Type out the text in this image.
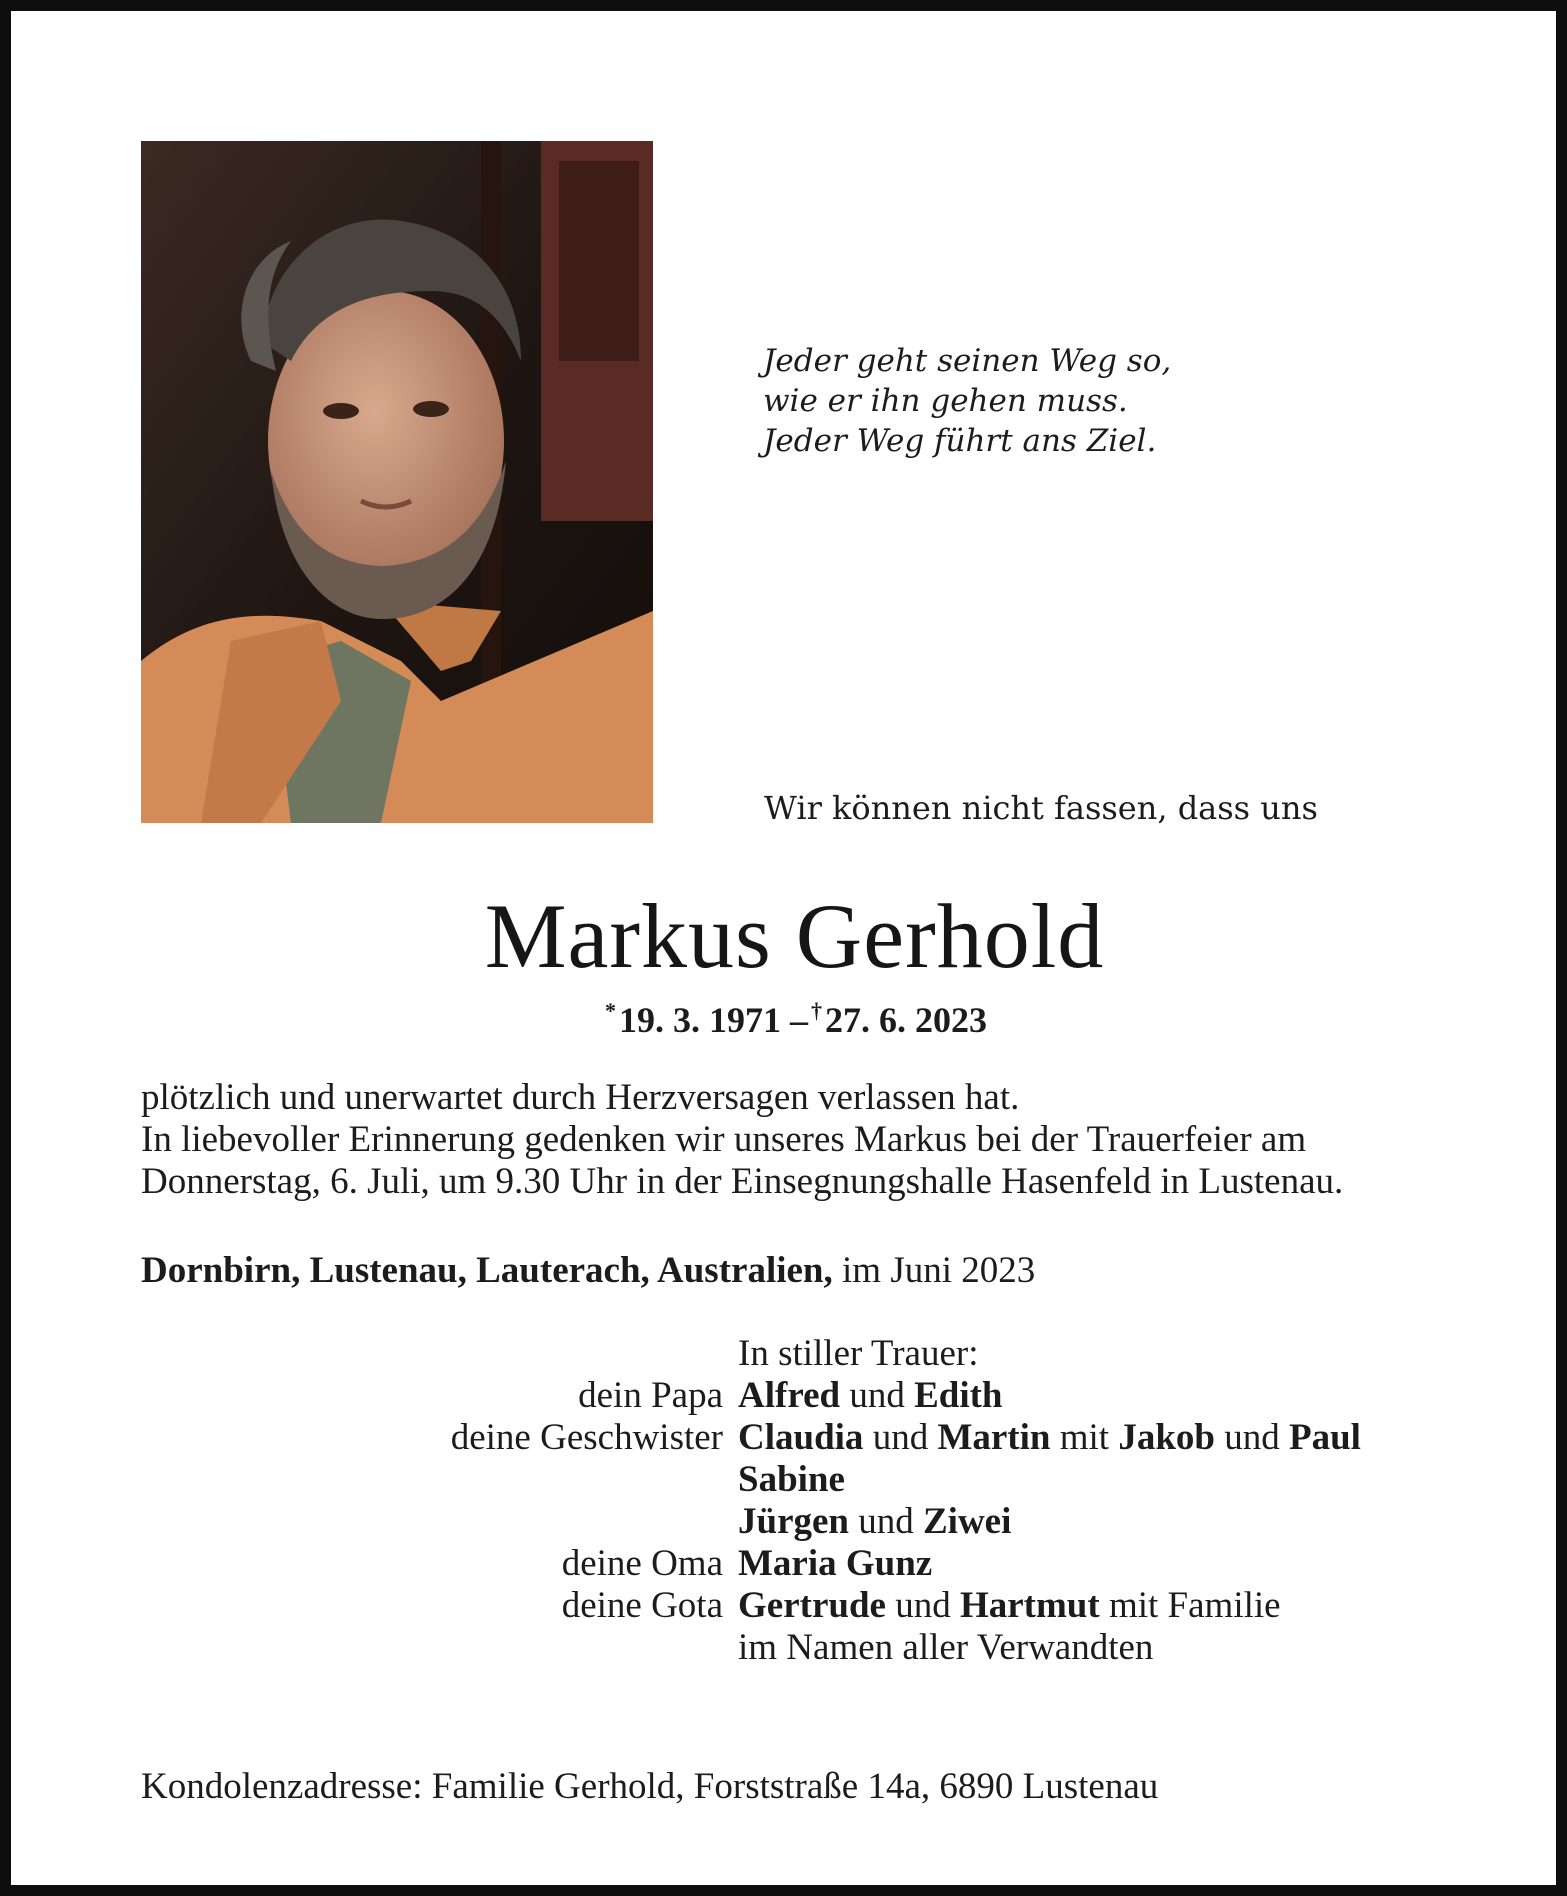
Jeder geht seinen Weg so,
wie er ihn gehen muss.
Jeder Weg führt ans Ziel.
Wir können nicht fassen, dass uns
Markus Gerhold
*19. 3. 1971 – †27. 6. 2023
plötzlich und unerwartet durch Herzversagen verlassen hat.
In liebevoller Erinnerung gedenken wir unseres Markus bei der Trauerfeier am
Donnerstag, 6. Juli, um 9.30 Uhr in der Einsegnungshalle Hasenfeld in Lustenau.
Dornbirn, Lustenau, Lauterach, Australien, im Juni 2023
In stiller Trauer:
dein Papa Alfred und Edith
deine Geschwister Claudia und Martin mit Jakob und Paul
Sabine
Jürgen und Ziwei
deine Oma Maria Gunz
deine Gota Gertrude und Hartmut mit Familie
im Namen aller Verwandten
Kondolenzadresse: Familie Gerhold, Forststraße 14a, 6890 Lustenau
